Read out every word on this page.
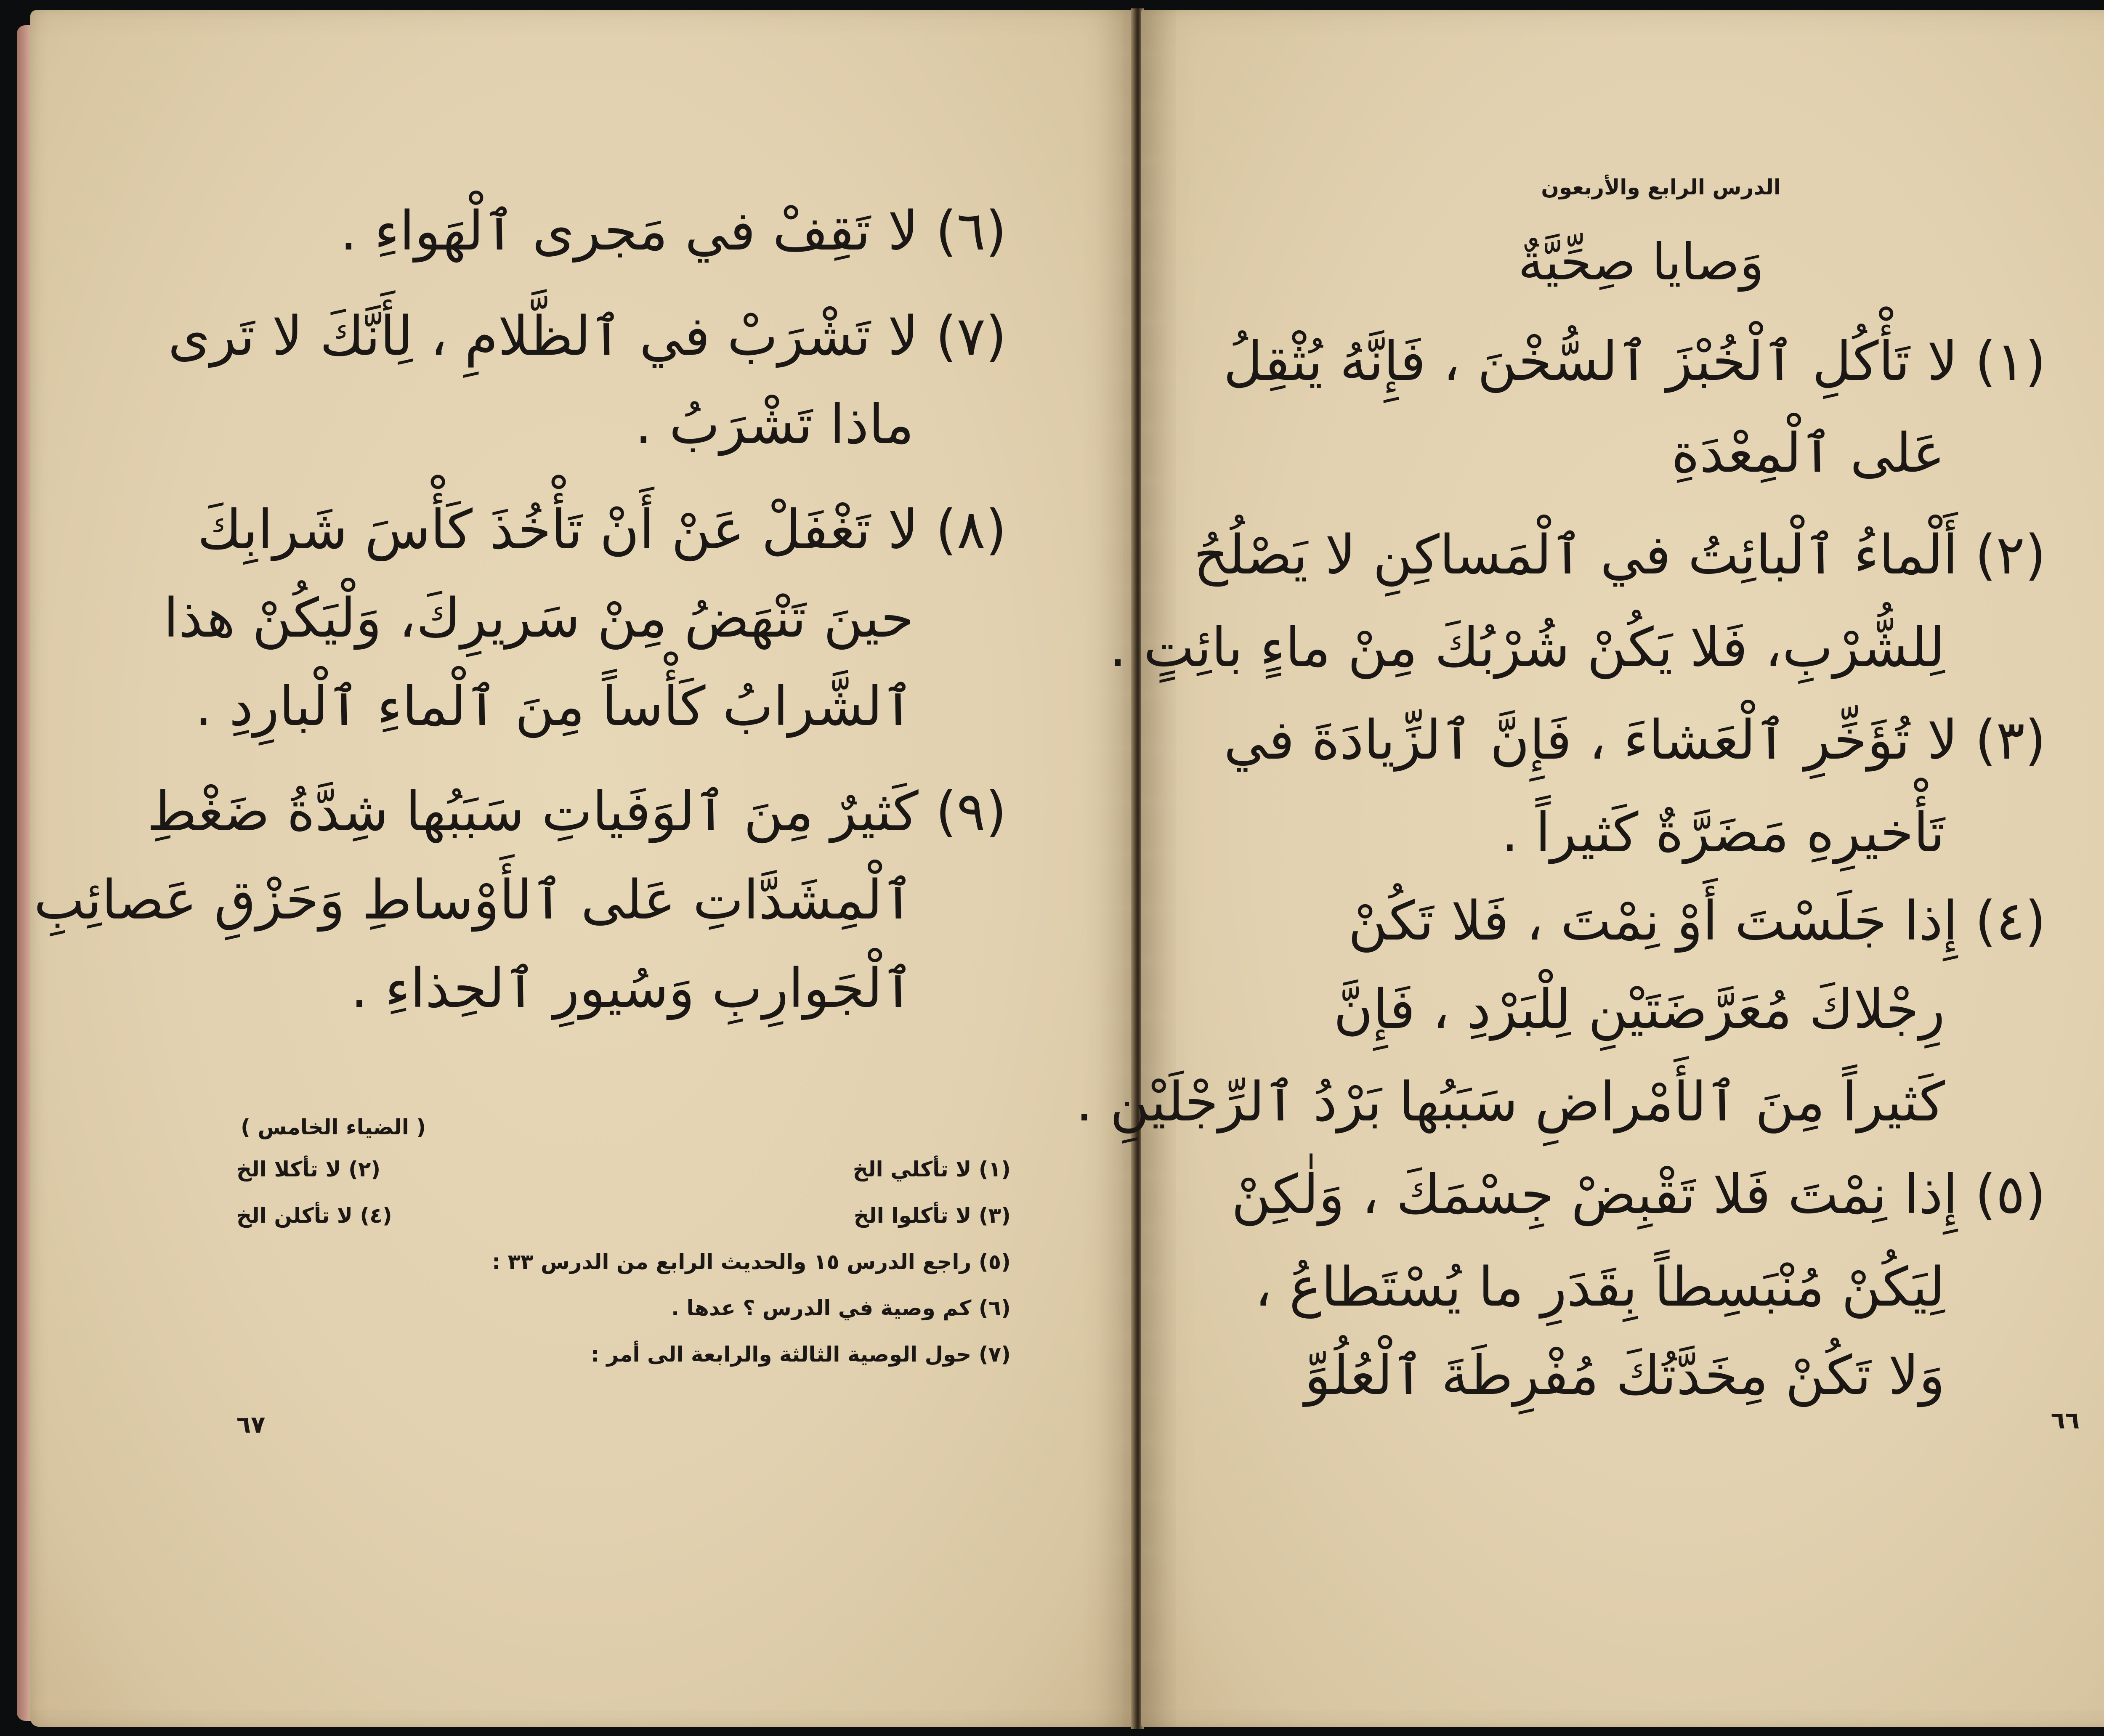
(٦) لا تَقِفْ في مَجرى ٱلْهَواءِ .

(٧) لا تَشْرَبْ في ٱلظَّلامِ ، لِأَنَّكَ لا تَرى

ماذا تَشْرَبُ .

(٨) لا تَغْفَلْ عَنْ أَنْ تَأْخُذَ كَأْسَ شَرابِكَ

حينَ تَنْهَضُ مِنْ سَريرِكَ، وَلْيَكُنْ هذا

ٱلشَّرابُ كَأْساً مِنَ ٱلْماءِ ٱلْبارِدِ .

(٩) كَثيرٌ مِنَ ٱلوَفَياتِ سَبَبُها شِدَّةُ ضَغْطِ

ٱلْمِشَدَّاتِ عَلى ٱلأَوْساطِ وَحَزْقِ عَصائِبِ

ٱلْجَوارِبِ وَسُيورِ ٱلحِذاءِ .

( الضياء الخامس )

(١) لا تأكلي الخ

(٢) لا تأكلا الخ

(٣) لا تأكلوا الخ

(٤) لا تأكلن الخ

(٥) راجع الدرس ١٥ والحديث الرابع من الدرس ٣٣ :

(٦) كم وصية في الدرس ؟ عدها .

(٧) حول الوصية الثالثة والرابعة الى أمر :

٦٧

الدرس الرابع والأربعون

وَصايا صِحِّيَّةٌ

(١) لا تَأْكُلِ ٱلْخُبْزَ ٱلسُّخْنَ ، فَإِنَّهُ يُثْقِلُ

عَلى ٱلْمِعْدَةِ

(٢) أَلْماءُ ٱلْبائِتُ في ٱلْمَساكِنِ لا يَصْلُحُ

لِلشُّرْبِ، فَلا يَكُنْ شُرْبُكَ مِنْ ماءٍ بائِتٍ .

(٣) لا تُؤَخِّرِ ٱلْعَشاءَ ، فَإِنَّ ٱلزِّيادَةَ في

تَأْخيرِهِ مَضَرَّةٌ كَثيراً .

(٤) إِذا جَلَسْتَ أَوْ نِمْتَ ، فَلا تَكُنْ

رِجْلاكَ مُعَرَّضَتَيْنِ لِلْبَرْدِ ، فَإِنَّ

كَثيراً مِنَ ٱلأَمْراضِ سَبَبُها بَرْدُ ٱلرِّجْلَيْنِ .

(٥) إِذا نِمْتَ فَلا تَقْبِضْ جِسْمَكَ ، وَلٰكِنْ

لِيَكُنْ مُنْبَسِطاً بِقَدَرِ ما يُسْتَطاعُ ،

وَلا تَكُنْ مِخَدَّتُكَ مُفْرِطَةَ ٱلْعُلُوِّ

٦٦
